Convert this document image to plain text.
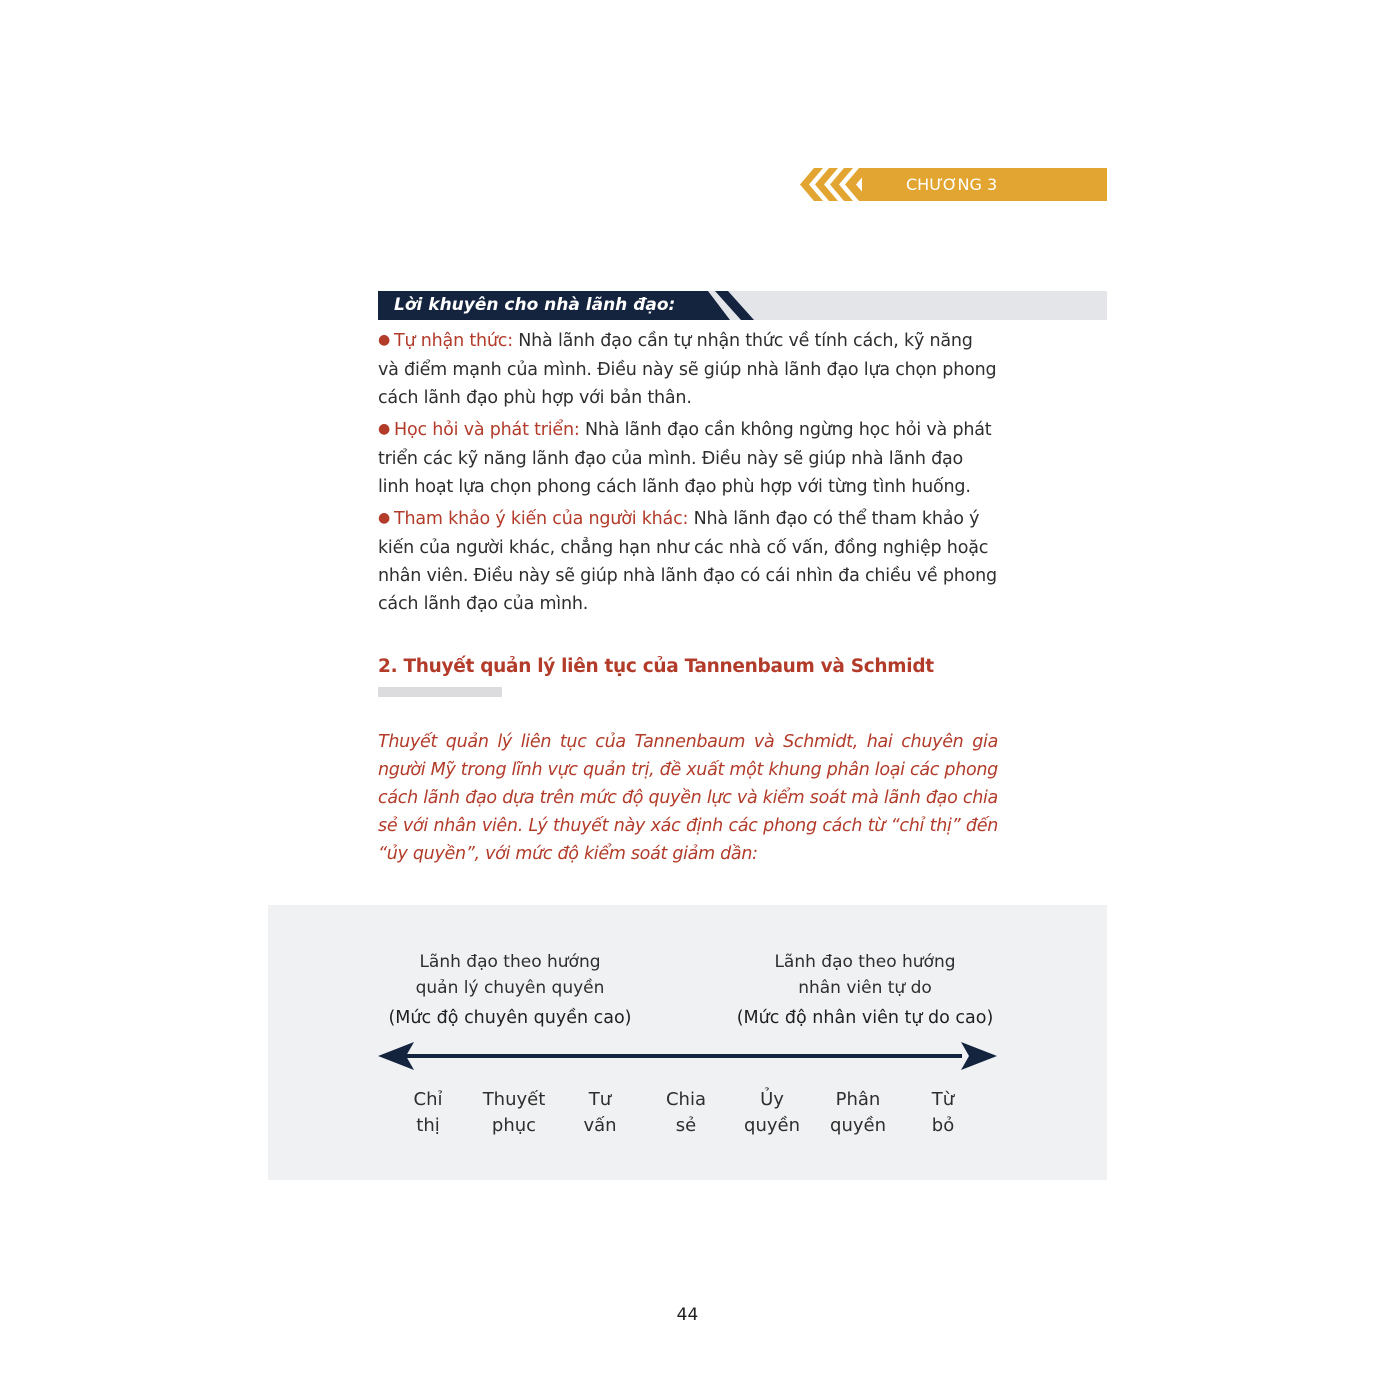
CHƯƠNG 3
Lời khuyên cho nhà lãnh đạo:
● Tự nhận thức: Nhà lãnh đạo cần tự nhận thức về tính cách, kỹ năng và điểm mạnh của mình. Điều này sẽ giúp nhà lãnh đạo lựa chọn phong cách lãnh đạo phù hợp với bản thân.
● Học hỏi và phát triển: Nhà lãnh đạo cần không ngừng học hỏi và phát triển các kỹ năng lãnh đạo của mình. Điều này sẽ giúp nhà lãnh đạo linh hoạt lựa chọn phong cách lãnh đạo phù hợp với từng tình huống.
● Tham khảo ý kiến của người khác: Nhà lãnh đạo có thể tham khảo ý kiến của người khác, chẳng hạn như các nhà cố vấn, đồng nghiệp hoặc nhân viên. Điều này sẽ giúp nhà lãnh đạo có cái nhìn đa chiều về phong cách lãnh đạo của mình.
2. Thuyết quản lý liên tục của Tannenbaum và Schmidt
Thuyết quản lý liên tục của Tannenbaum và Schmidt, hai chuyên gia người Mỹ trong lĩnh vực quản trị, đề xuất một khung phân loại các phong cách lãnh đạo dựa trên mức độ quyền lực và kiểm soát mà lãnh đạo chia sẻ với nhân viên. Lý thuyết này xác định các phong cách từ “chỉ thị” đến “ủy quyền”, với mức độ kiểm soát giảm dần:
Lãnh đạo theo hướng
quản lý chuyên quyền
(Mức độ chuyên quyền cao)
Lãnh đạo theo hướng
nhân viên tự do
(Mức độ nhân viên tự do cao)
Chỉ
thị
Thuyết
phục
Tư
vấn
Chia
sẻ
Ủy
quyền
Phân
quyền
Từ
bỏ
44
